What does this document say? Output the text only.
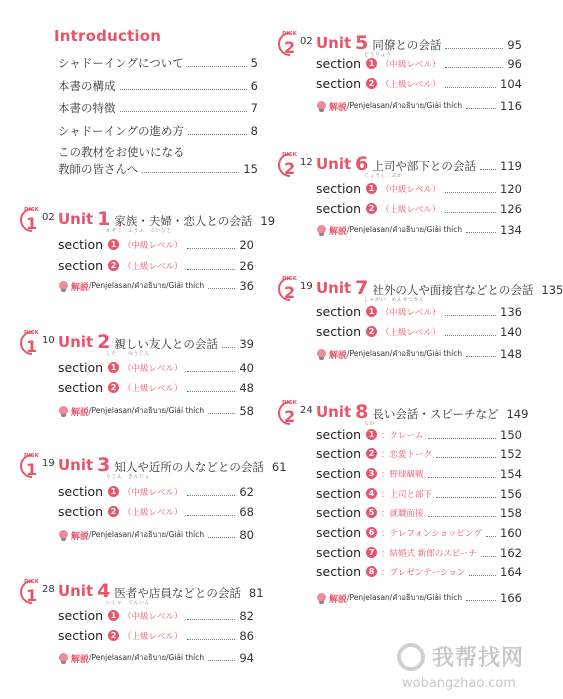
Introduction
シャドーイングについて	5
本書の構成	6
本書の特徴	7
シャドーイングの進め方	8
この教材をお使いになる
教師の皆さんへ	15
DISK
1 02 Unit 1 家族・夫婦・恋人との会話 19
かぞく　ふうふ　こいびと
section 1 （中級レベル）	20
section 2 （上級レベル）	26
解説 /Penjelasan/คำอธิบาย/Giải thích	36
DISK
1 10 Unit 2 親しい友人との会話 39
した　　ゆうじん
section 1 （中級レベル）	40
section 2 （上級レベル）	48
解説 /Penjelasan/คำอธิบาย/Giải thích	58
DISK
1 19 Unit 3 知人や近所の人などとの会話 61
ちじん　きんじょ
section 1 （中級レベル）	62
section 2 （上級レベル）	68
解説 /Penjelasan/คำอธิบาย/Giải thích	80
DISK
1 28 Unit 4 医者や店員などとの会話 81
いしゃ　てんいん
section 1 （中級レベル）	82
section 2 （上級レベル）	86
解説 /Penjelasan/คำอธิบาย/Giải thích	94
DISK
2 02 Unit 5 同僚との会話	95
どうりょう
section 1 （中級レベル）	96
section 2 （上級レベル）	104
解説 /Penjelasan/คำอธิบาย/Giải thích	116
DISK
2 12 Unit 6 上司や部下との会話 119
じょうし　ぶか
section 1 （中級レベル）	120
section 2 （上級レベル）	126
解説 /Penjelasan/คำอธิบาย/Giải thích	134
DISK
2 19 Unit 7 社外の人や面接官などとの会話 135
しゃがい　めんせつかん
section 1 （中級レベル）	136
section 2 （上級レベル）	140
解説 /Penjelasan/คำอธิบาย/Giải thích	148
DISK
2 24 Unit 8 長い会話・スピーチなど 149
なが
section 1 ：クレーム	150
section 2 ：恋愛トーク	152
section 3 ：野球観戦	154
section 4 ：上司と部下	156
section 5 ：就職面接	158
section 6 ：テレフォンショッピング 160
section 7 ：結婚式 新郎のスピーチ 162
section 8 ：プレゼンテーション	164
解説 /Penjelasan/คำอธิบาย/Giải thích	166
我帮找网
wobangzhao.com
